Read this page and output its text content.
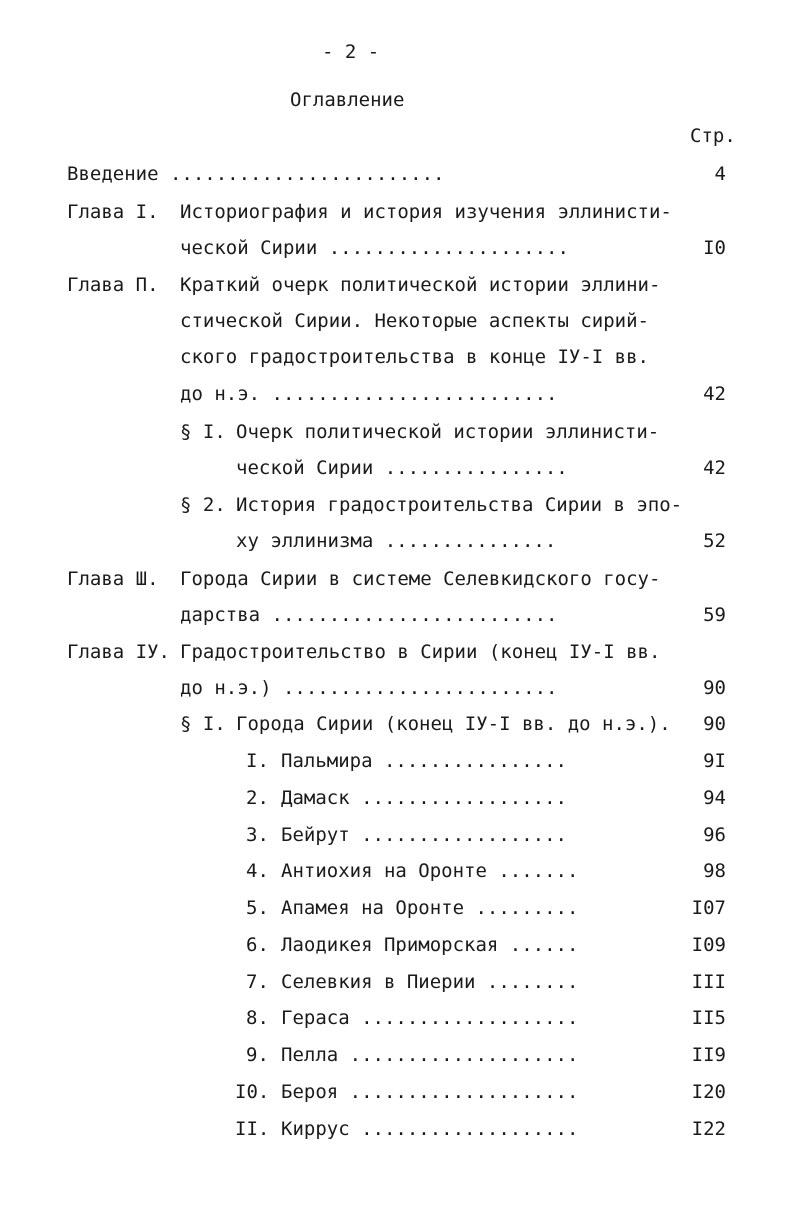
- 2 -
Оглавление
Стр.
Введение ........................	4
Глава I. Историография и история изучения эллинисти-
ческой Сирии .....................	I0
Глава П. Краткий очерк политической истории эллини-
стической Сирии. Некоторые аспекты сирий-
ского градостроительства в конце IУ-I вв.
до н.э. .........................	42
§ I. Очерк политической истории эллинисти-
ческой Сирии ................	42
§ 2. История градостроительства Сирии в эпо-
ху эллинизма ...............	52
Глава Ш. Города Сирии в системе Селевкидского госу-
дарства .........................	59
Глава IУ. Градостроительство в Сирии (конец IУ-I вв.
до н.э.) ........................	90
§ I. Города Сирии (конец IУ-I вв. до н.э.).	90
I. Пальмира ................	9I
2. Дамаск ..................	94
3. Бейрут ..................	96
4. Антиохия на Оронте .......	98
5. Апамея на Оронте .........	I07
6. Лаодикея Приморская ......	I09
7. Селевкия в Пиерии ........	III
8. Гераса ...................	II5
9. Пелла ....................	II9
I0. Берoя ....................	I20
II. Киррус ...................	I22
